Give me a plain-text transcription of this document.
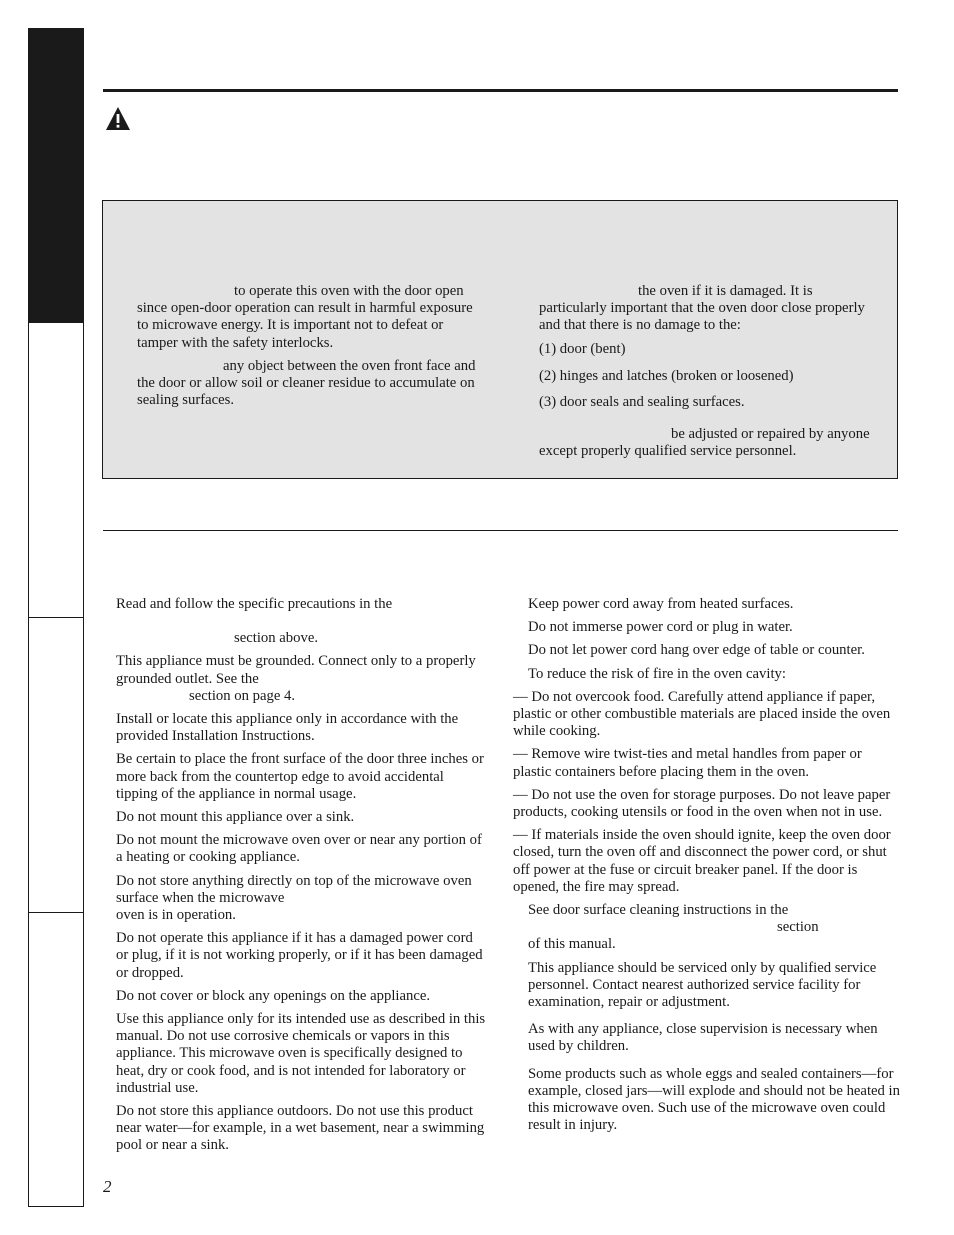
to operate this oven with the door open since open-door operation can result in harmful exposure to microwave energy. It is important not to defeat or tamper with the safety interlocks.

any object between the oven front face and the door or allow soil or cleaner residue to accumulate on sealing surfaces.

the oven if it is damaged. It is particularly important that the oven door close properly and that there is no damage to the:

(1) door (bent)

(2) hinges and latches (broken or loosened)

(3) door seals and sealing surfaces.

be adjusted or repaired by anyone except properly qualified service personnel.

Read and follow the specific precautions in the

section above.

This appliance must be grounded. Connect only to a properly grounded outlet. See the

section on page 4.

Install or locate this appliance only in accordance with the provided Installation Instructions.

Be certain to place the front surface of the door three inches or more back from the countertop edge to avoid accidental tipping of the appliance in normal usage.

Do not mount this appliance over a sink.

Do not mount the microwave oven over or near any portion of a heating or cooking appliance.

Do not store anything directly on top of the microwave oven surface when the microwave

oven is in operation.

Do not operate this appliance if it has a damaged power cord or plug, if it is not working properly, or if it has been damaged or dropped.

Do not cover or block any openings on the appliance.

Use this appliance only for its intended use as described in this manual. Do not use corrosive chemicals or vapors in this appliance. This microwave oven is specifically designed to heat, dry or cook food, and is not intended for laboratory or industrial use.

Do not store this appliance outdoors. Do not use this product near water—for example, in a wet basement, near a swimming pool or near a sink.

Keep power cord away from heated surfaces.

Do not immerse power cord or plug in water.

Do not let power cord hang over edge of table or counter.

To reduce the risk of fire in the oven cavity:

— Do not overcook food. Carefully attend appliance if paper, plastic or other combustible materials are placed inside the oven while cooking.

— Remove wire twist-ties and metal handles from paper or plastic containers before placing them in the oven.

— Do not use the oven for storage purposes. Do not leave paper products, cooking utensils or food in the oven when not in use.

— If materials inside the oven should ignite, keep the oven door closed, turn the oven off and disconnect the power cord, or shut off power at the fuse or circuit breaker panel. If the door is opened, the fire may spread.

See door surface cleaning instructions in the

section

of this manual.

This appliance should be serviced only by qualified service personnel. Contact nearest authorized service facility for examination, repair or adjustment.

As with any appliance, close supervision is necessary when used by children.

Some products such as whole eggs and sealed containers—for example, closed jars—will explode and should not be heated in this microwave oven. Such use of the microwave oven could result in injury.

2
